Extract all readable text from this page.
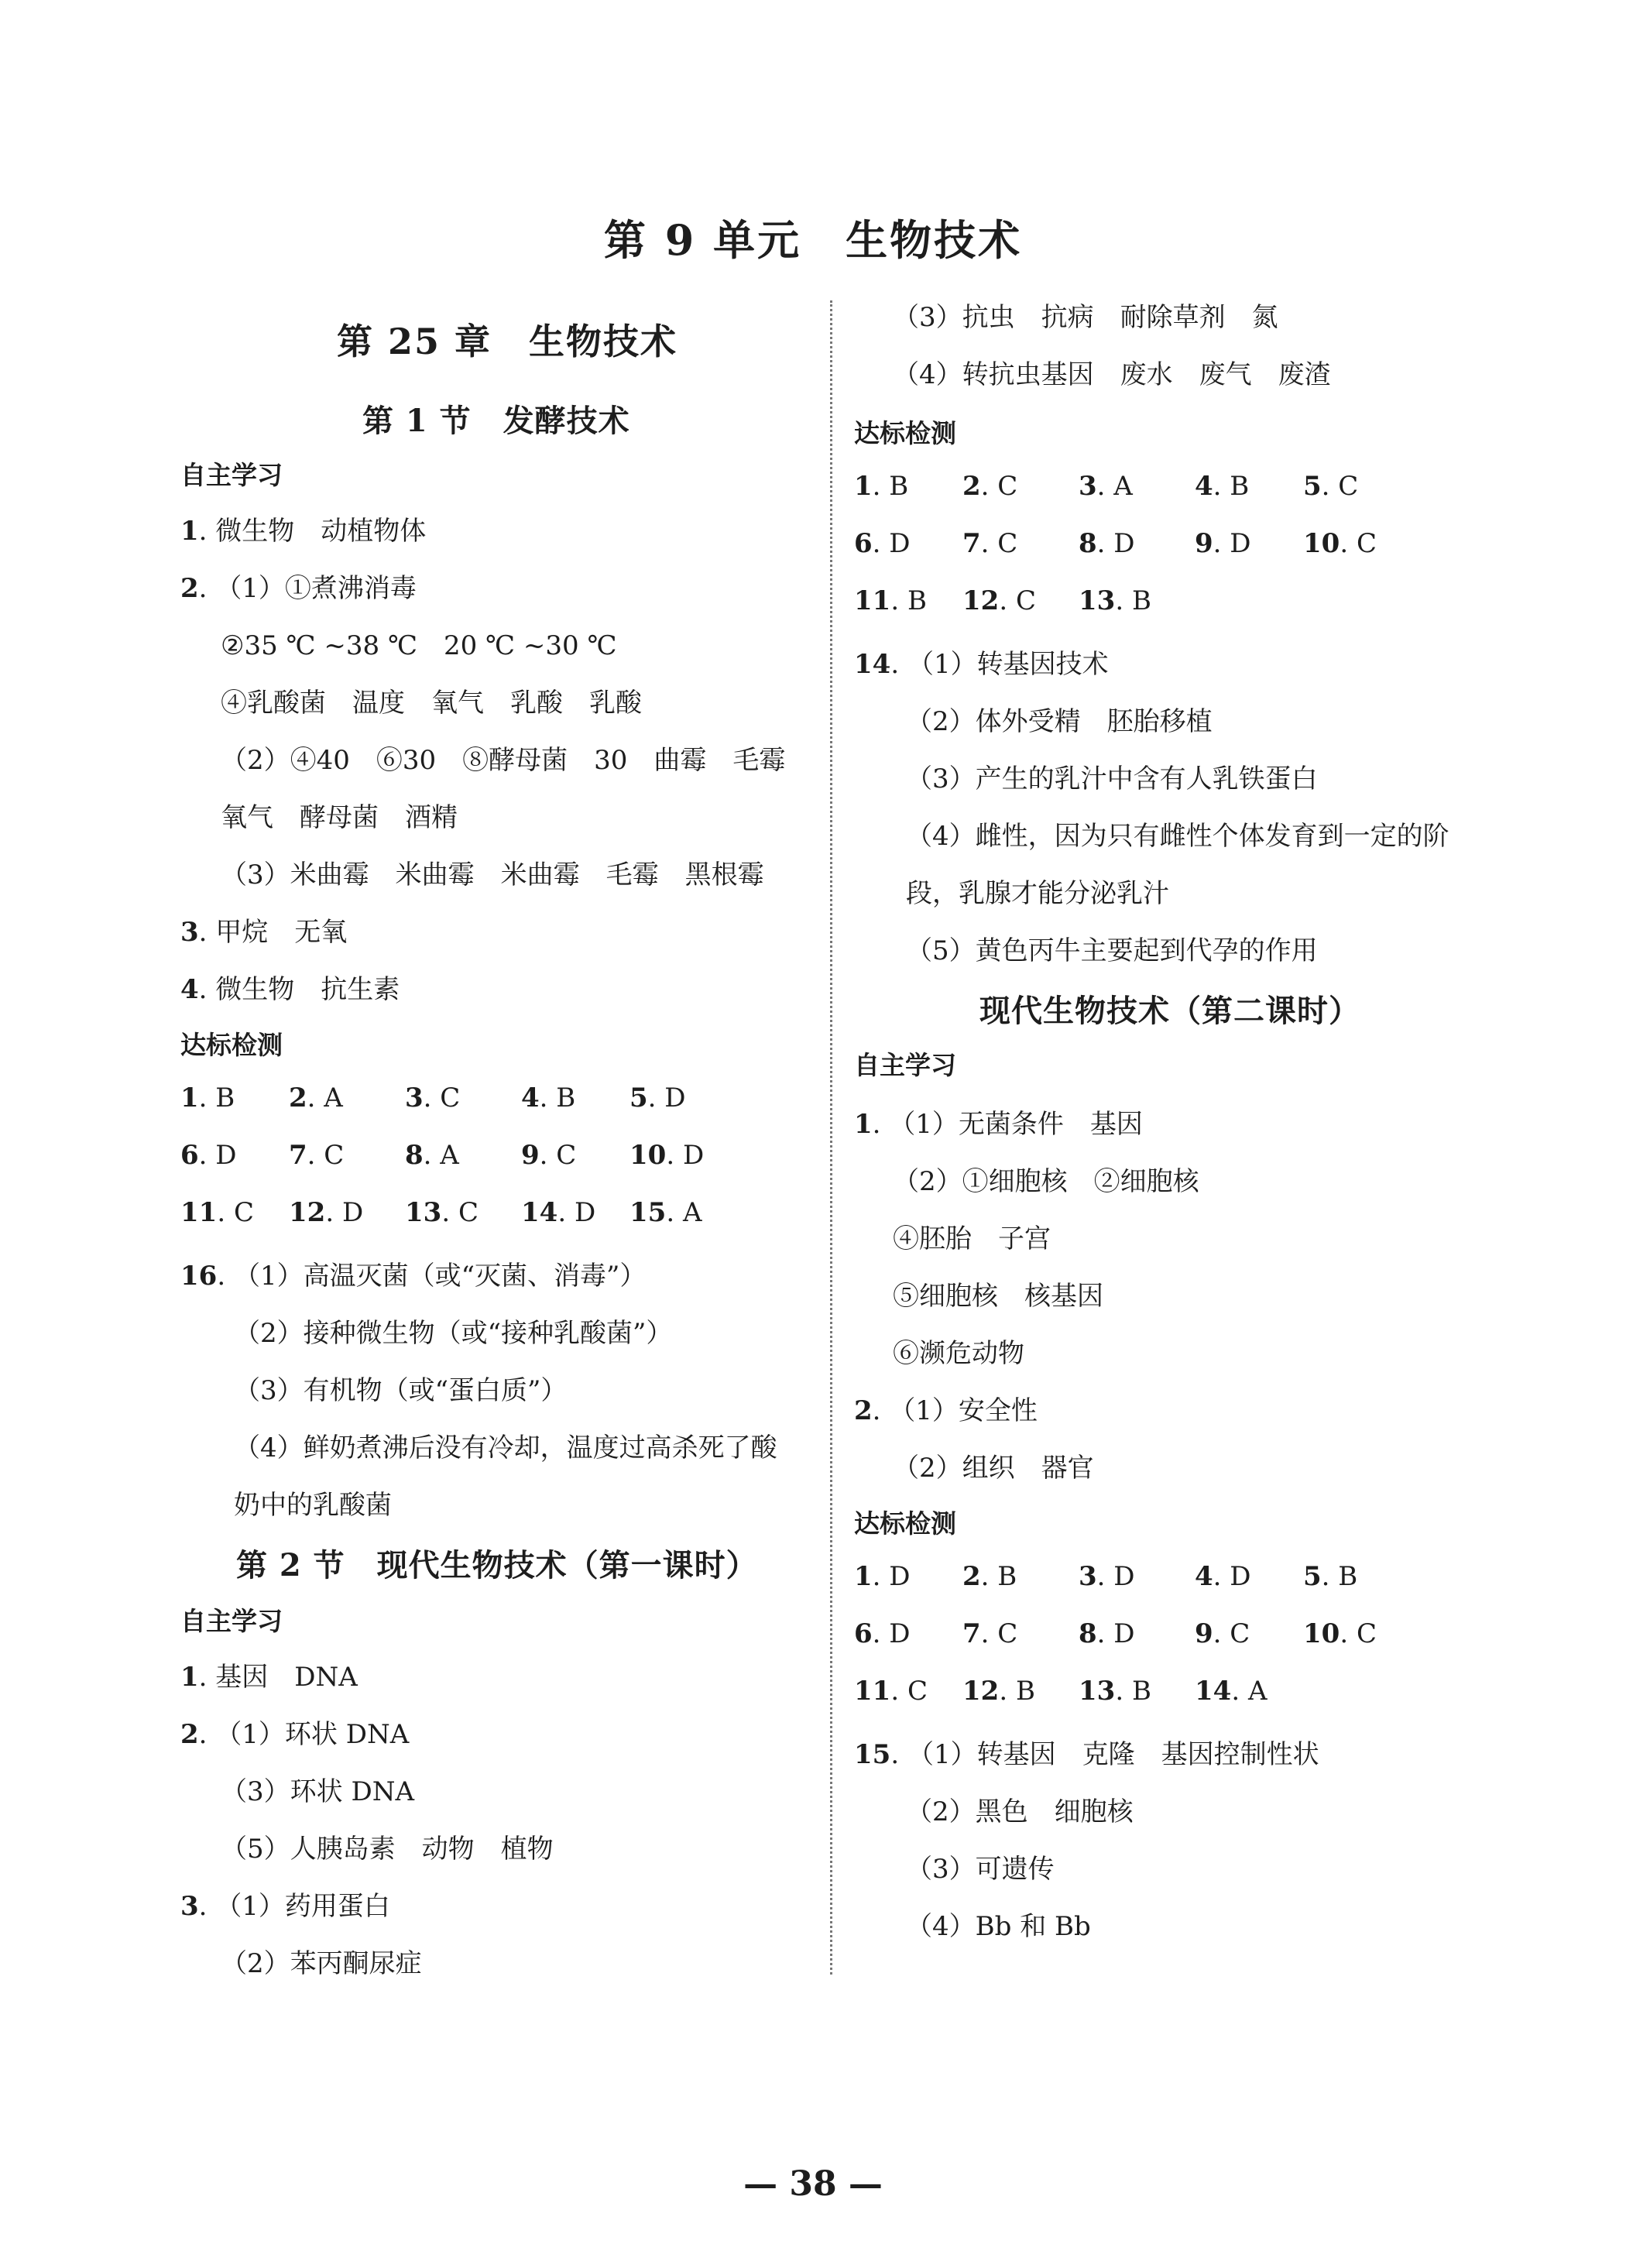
第 9 单元　生物技术
第 25 章　生物技术
第 1 节　发酵技术
自主学习
1. 微生物　动植物体
2. （1）①煮沸消毒
②35 ℃ ~38 ℃　20 ℃ ~30 ℃
④乳酸菌　温度　氧气　乳酸　乳酸
（2）④40　⑥30　⑧酵母菌　30　曲霉　毛霉
氧气　酵母菌　酒精
（3）米曲霉　米曲霉　米曲霉　毛霉　黑根霉
3. 甲烷　无氧
4. 微生物　抗生素
达标检测
1. B 2. A 3. C 4. B 5. D
6. D 7. C 8. A 9. C 10. D
11. C 12. D 13. C 14. D 15. A
16. （1）高温灭菌（或“灭菌、消毒”）
（2）接种微生物（或“接种乳酸菌”）
（3）有机物（或“蛋白质”）
（4）鲜奶煮沸后没有冷却，温度过高杀死了酸
奶中的乳酸菌
第 2 节　现代生物技术（第一课时）
自主学习
1. 基因　DNA
2. （1）环状 DNA
（3）环状 DNA
（5）人胰岛素　动物　植物
3. （1）药用蛋白
（2）苯丙酮尿症
（3）抗虫　抗病　耐除草剂　氮
（4）转抗虫基因　废水　废气　废渣
达标检测
1. B 2. C 3. A 4. B 5. C
6. D 7. C 8. D 9. D 10. C
11. B 12. C 13. B
14. （1）转基因技术
（2）体外受精　胚胎移植
（3）产生的乳汁中含有人乳铁蛋白
（4）雌性，因为只有雌性个体发育到一定的阶
段，乳腺才能分泌乳汁
（5）黄色丙牛主要起到代孕的作用
现代生物技术（第二课时）
自主学习
1. （1）无菌条件　基因
（2）①细胞核　②细胞核
④胚胎　子宫
⑤细胞核　核基因
⑥濒危动物
2. （1）安全性
（2）组织　器官
达标检测
1. D 2. B 3. D 4. D 5. B
6. D 7. C 8. D 9. C 10. C
11. C 12. B 13. B 14. A
15. （1）转基因　克隆　基因控制性状
（2）黑色　细胞核
（3）可遗传
（4）Bb 和 Bb
— 38 —
